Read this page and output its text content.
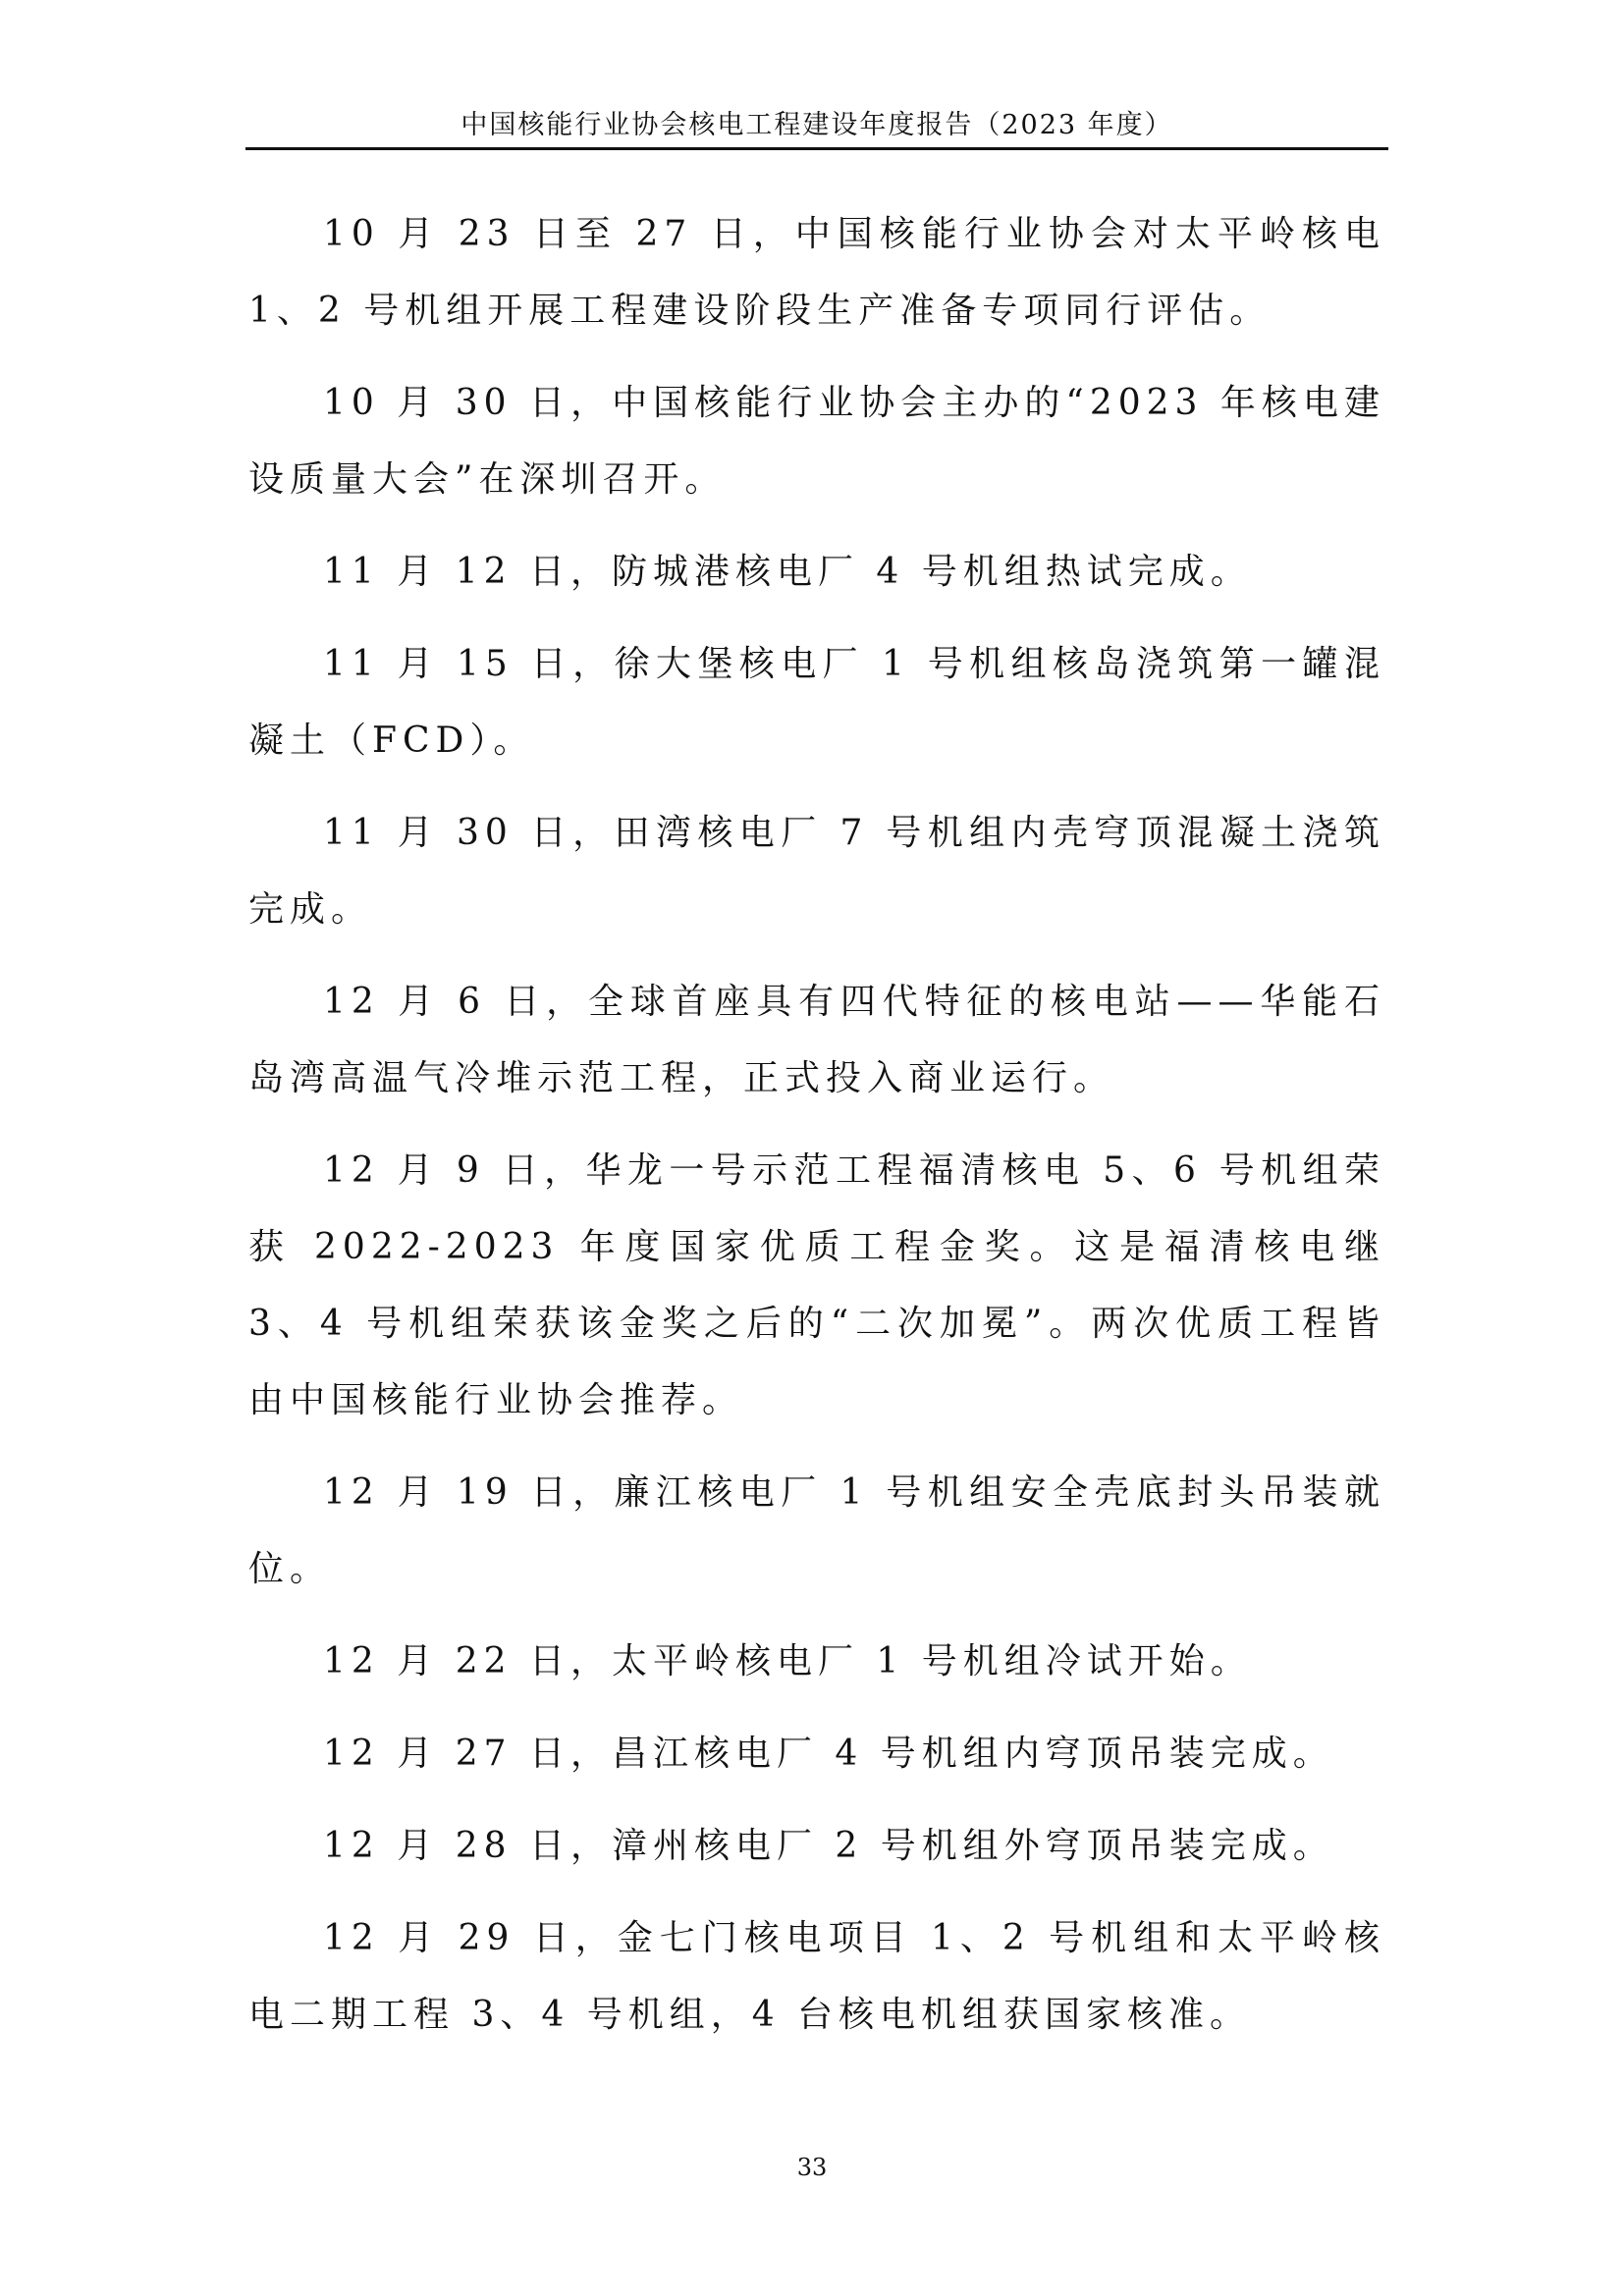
中国核能行业协会核电工程建设年度报告（2023 年度）

10 月 23 日至 27 日，中国核能行业协会对太平岭核电 1、2 号机组开展工程建设阶段生产准备专项同行评估。

10 月 30 日，中国核能行业协会主办的“2023 年核电建设质量大会”在深圳召开。

11 月 12 日，防城港核电厂 4 号机组热试完成。

11 月 15 日，徐大堡核电厂 1 号机组核岛浇筑第一罐混凝土（FCD）。

11 月 30 日，田湾核电厂 7 号机组内壳穹顶混凝土浇筑完成。

12 月 6 日，全球首座具有四代特征的核电站——华能石岛湾高温气冷堆示范工程，正式投入商业运行。

12 月 9 日，华龙一号示范工程福清核电 5、6 号机组荣获 2022-2023 年度国家优质工程金奖。这是福清核电继 3、4 号机组荣获该金奖之后的“二次加冕”。两次优质工程皆由中国核能行业协会推荐。

12 月 19 日，廉江核电厂 1 号机组安全壳底封头吊装就位。

12 月 22 日，太平岭核电厂 1 号机组冷试开始。

12 月 27 日，昌江核电厂 4 号机组内穹顶吊装完成。

12 月 28 日，漳州核电厂 2 号机组外穹顶吊装完成。

12 月 29 日，金七门核电项目 1、2 号机组和太平岭核电二期工程 3、4 号机组，4 台核电机组获国家核准。

33
